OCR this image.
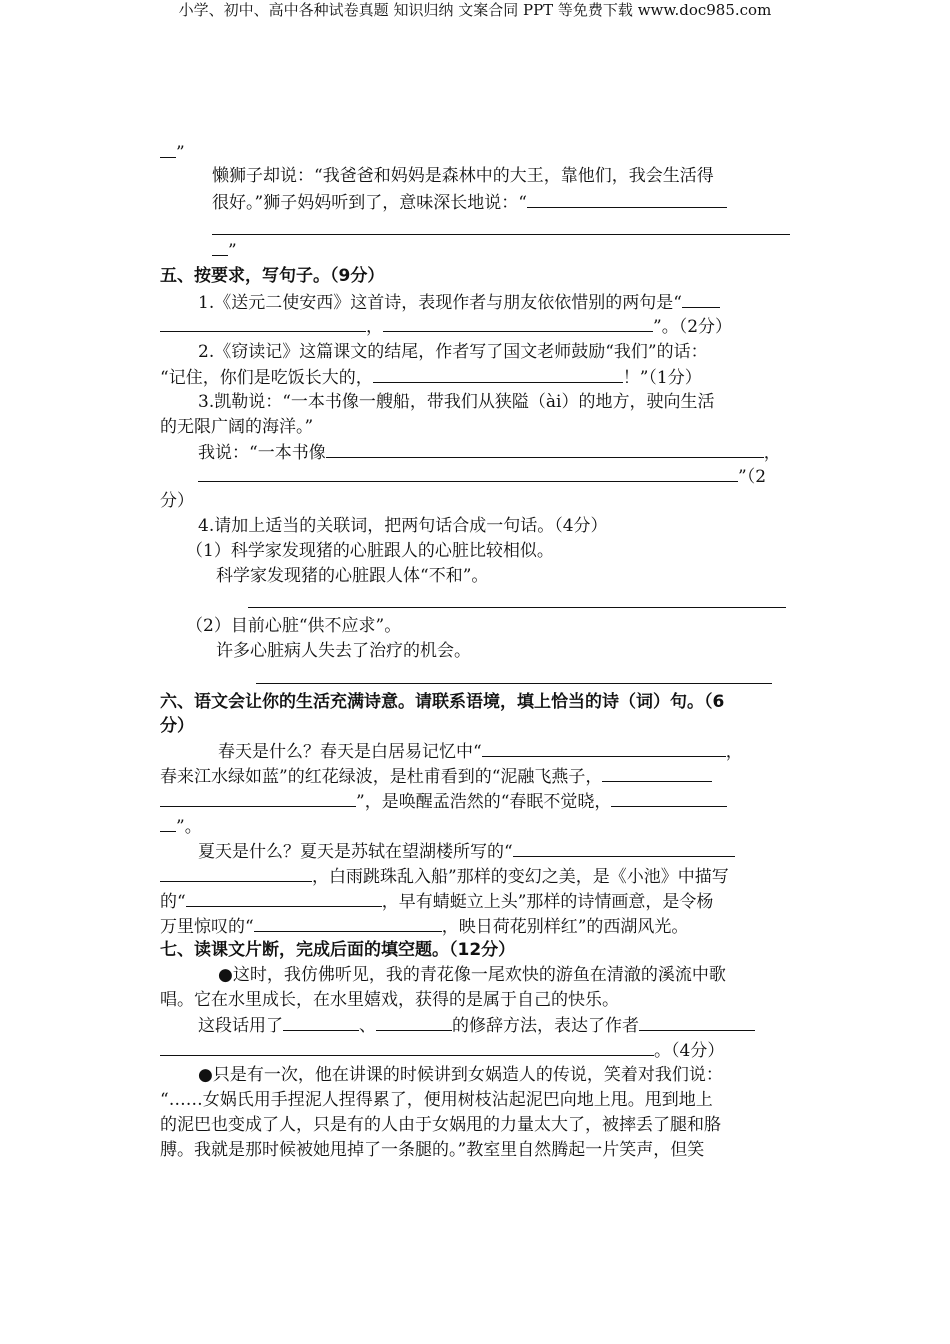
小学、初中、高中各种试卷真题 知识归纳 文案合同 PPT 等免费下载 www.doc985.com
”
懒狮子却说：“我爸爸和妈妈是森林中的大王，靠他们，我会生活得
很好。”狮子妈妈听到了，意味深长地说：“
”
五、按要求，写句子。（9分）
1.《送元二使安西》这首诗，表现作者与朋友依依惜别的两句是“
，	”。（2分）
2.《窃读记》这篇课文的结尾，作者写了国文老师鼓励“我们”的话：
“记住，你们是吃饭长大的，	！”（1分）
3.凯勒说：“一本书像一艘船，带我们从狭隘（ài）的地方，驶向生活
的无限广阔的海洋。”
我说：“一本书像	，
”（2
分）
4.请加上适当的关联词，把两句话合成一句话。（4分）
（1）科学家发现猪的心脏跟人的心脏比较相似。
科学家发现猪的心脏跟人体“不和”。
（2）目前心脏“供不应求”。
许多心脏病人失去了治疗的机会。
六、语文会让你的生活充满诗意。请联系语境，填上恰当的诗（词）句。（6
分）
春天是什么？春天是白居易记忆中“	，
春来江水绿如蓝”的红花绿波，是杜甫看到的“泥融飞燕子，
”，是唤醒孟浩然的“春眠不觉晓，
”。
夏天是什么？夏天是苏轼在望湖楼所写的“
，白雨跳珠乱入船”那样的变幻之美，是《小池》中描写
的“	，早有蜻蜓立上头”那样的诗情画意，是令杨
万里惊叹的“	，映日荷花别样红”的西湖风光。
七、读课文片断，完成后面的填空题。（12分）
●这时，我仿佛听见，我的青花像一尾欢快的游鱼在清澈的溪流中歌
唱。它在水里成长，在水里嬉戏，获得的是属于自己的快乐。
这段话用了	、	的修辞方法，表达了作者
。（4分）
●只是有一次，他在讲课的时候讲到女娲造人的传说，笑着对我们说：
“……女娲氏用手捏泥人捏得累了，便用树枝沾起泥巴向地上甩。甩到地上
的泥巴也变成了人，只是有的人由于女娲甩的力量太大了，被摔丢了腿和胳
膊。我就是那时候被她甩掉了一条腿的。”教室里自然腾起一片笑声，但笑
